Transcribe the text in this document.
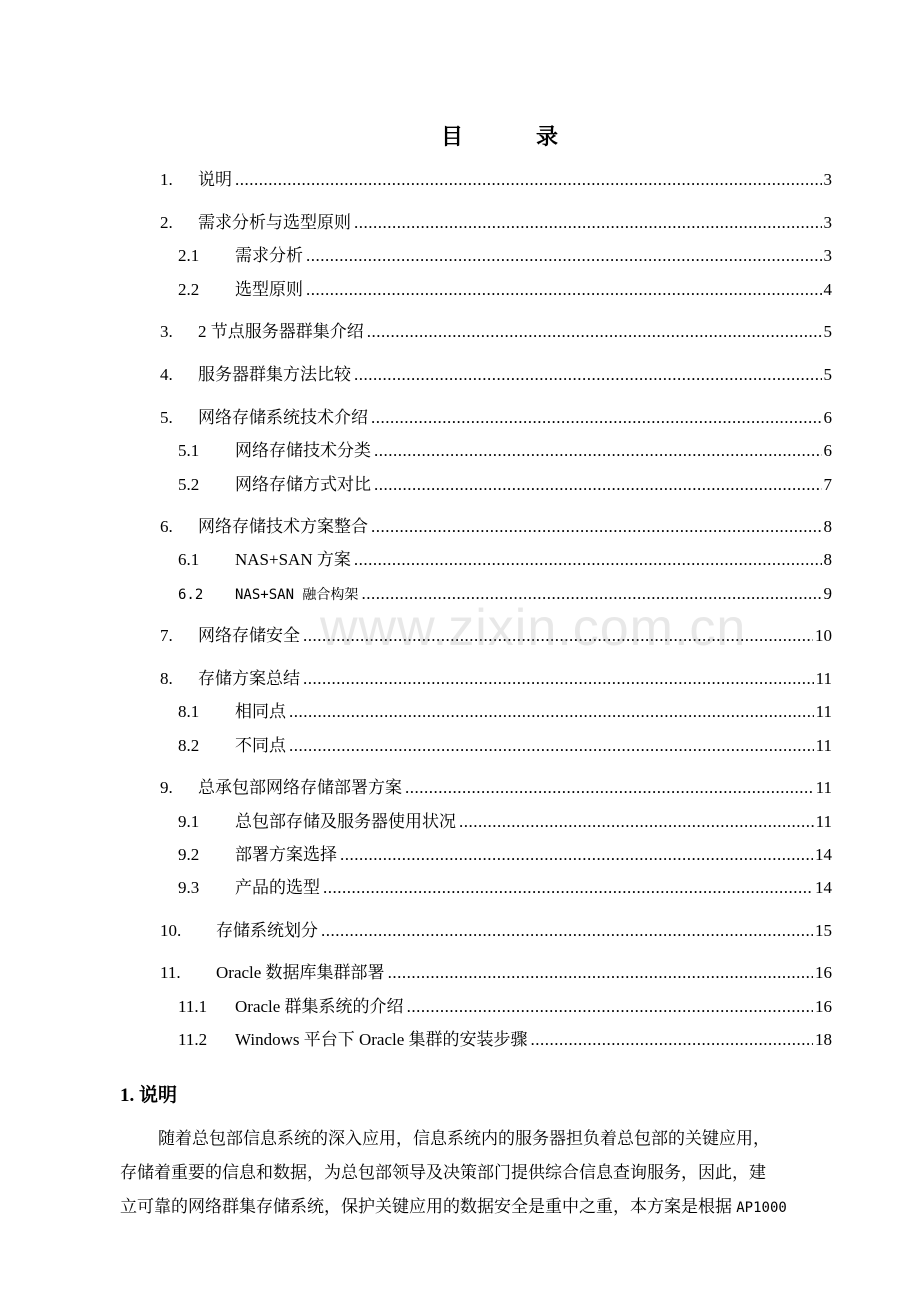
目	录
1.	说明 .....	3
2.	需求分析与选型原则 .....	3
2.1	需求分析 .....	3
2.2	选型原则 .....	4
3.	2 节点服务器群集介绍 .....	5
4.	服务器群集方法比较 .....	5
5.	网络存储系统技术介绍 .....	6
5.1	网络存储技术分类 .....	6
5.2	网络存储方式对比 .....	7
6.	网络存储技术方案整合 .....	8
6.1	NAS+SAN 方案 .....	8
6.2	NAS+SAN 融合构架 .....	9
7.	网络存储安全 .....	10
8.	存储方案总结 .....	11
8.1	相同点 .....	11
8.2	不同点 .....	11
9.	总承包部网络存储部署方案 .....	11
9.1	总包部存储及服务器使用状况 .....	11
9.2	部署方案选择 .....	14
9.3	产品的选型 .....	14
10.	存储系统划分 .....	15
11.	Oracle 数据库集群部署 .....	16
11.1	Oracle 群集系统的介绍 .....	16
11.2	Windows 平台下 Oracle 集群的安装步骤 .....	18
www.zixin.com.cn
1. 说明
随着总包部信息系统的深入应用，信息系统内的服务器担负着总包部的关键应用，
存储着重要的信息和数据，为总包部领导及决策部门提供综合信息查询服务，因此，建
立可靠的网络群集存储系统，保护关键应用的数据安全是重中之重，本方案是根据 AP1000
